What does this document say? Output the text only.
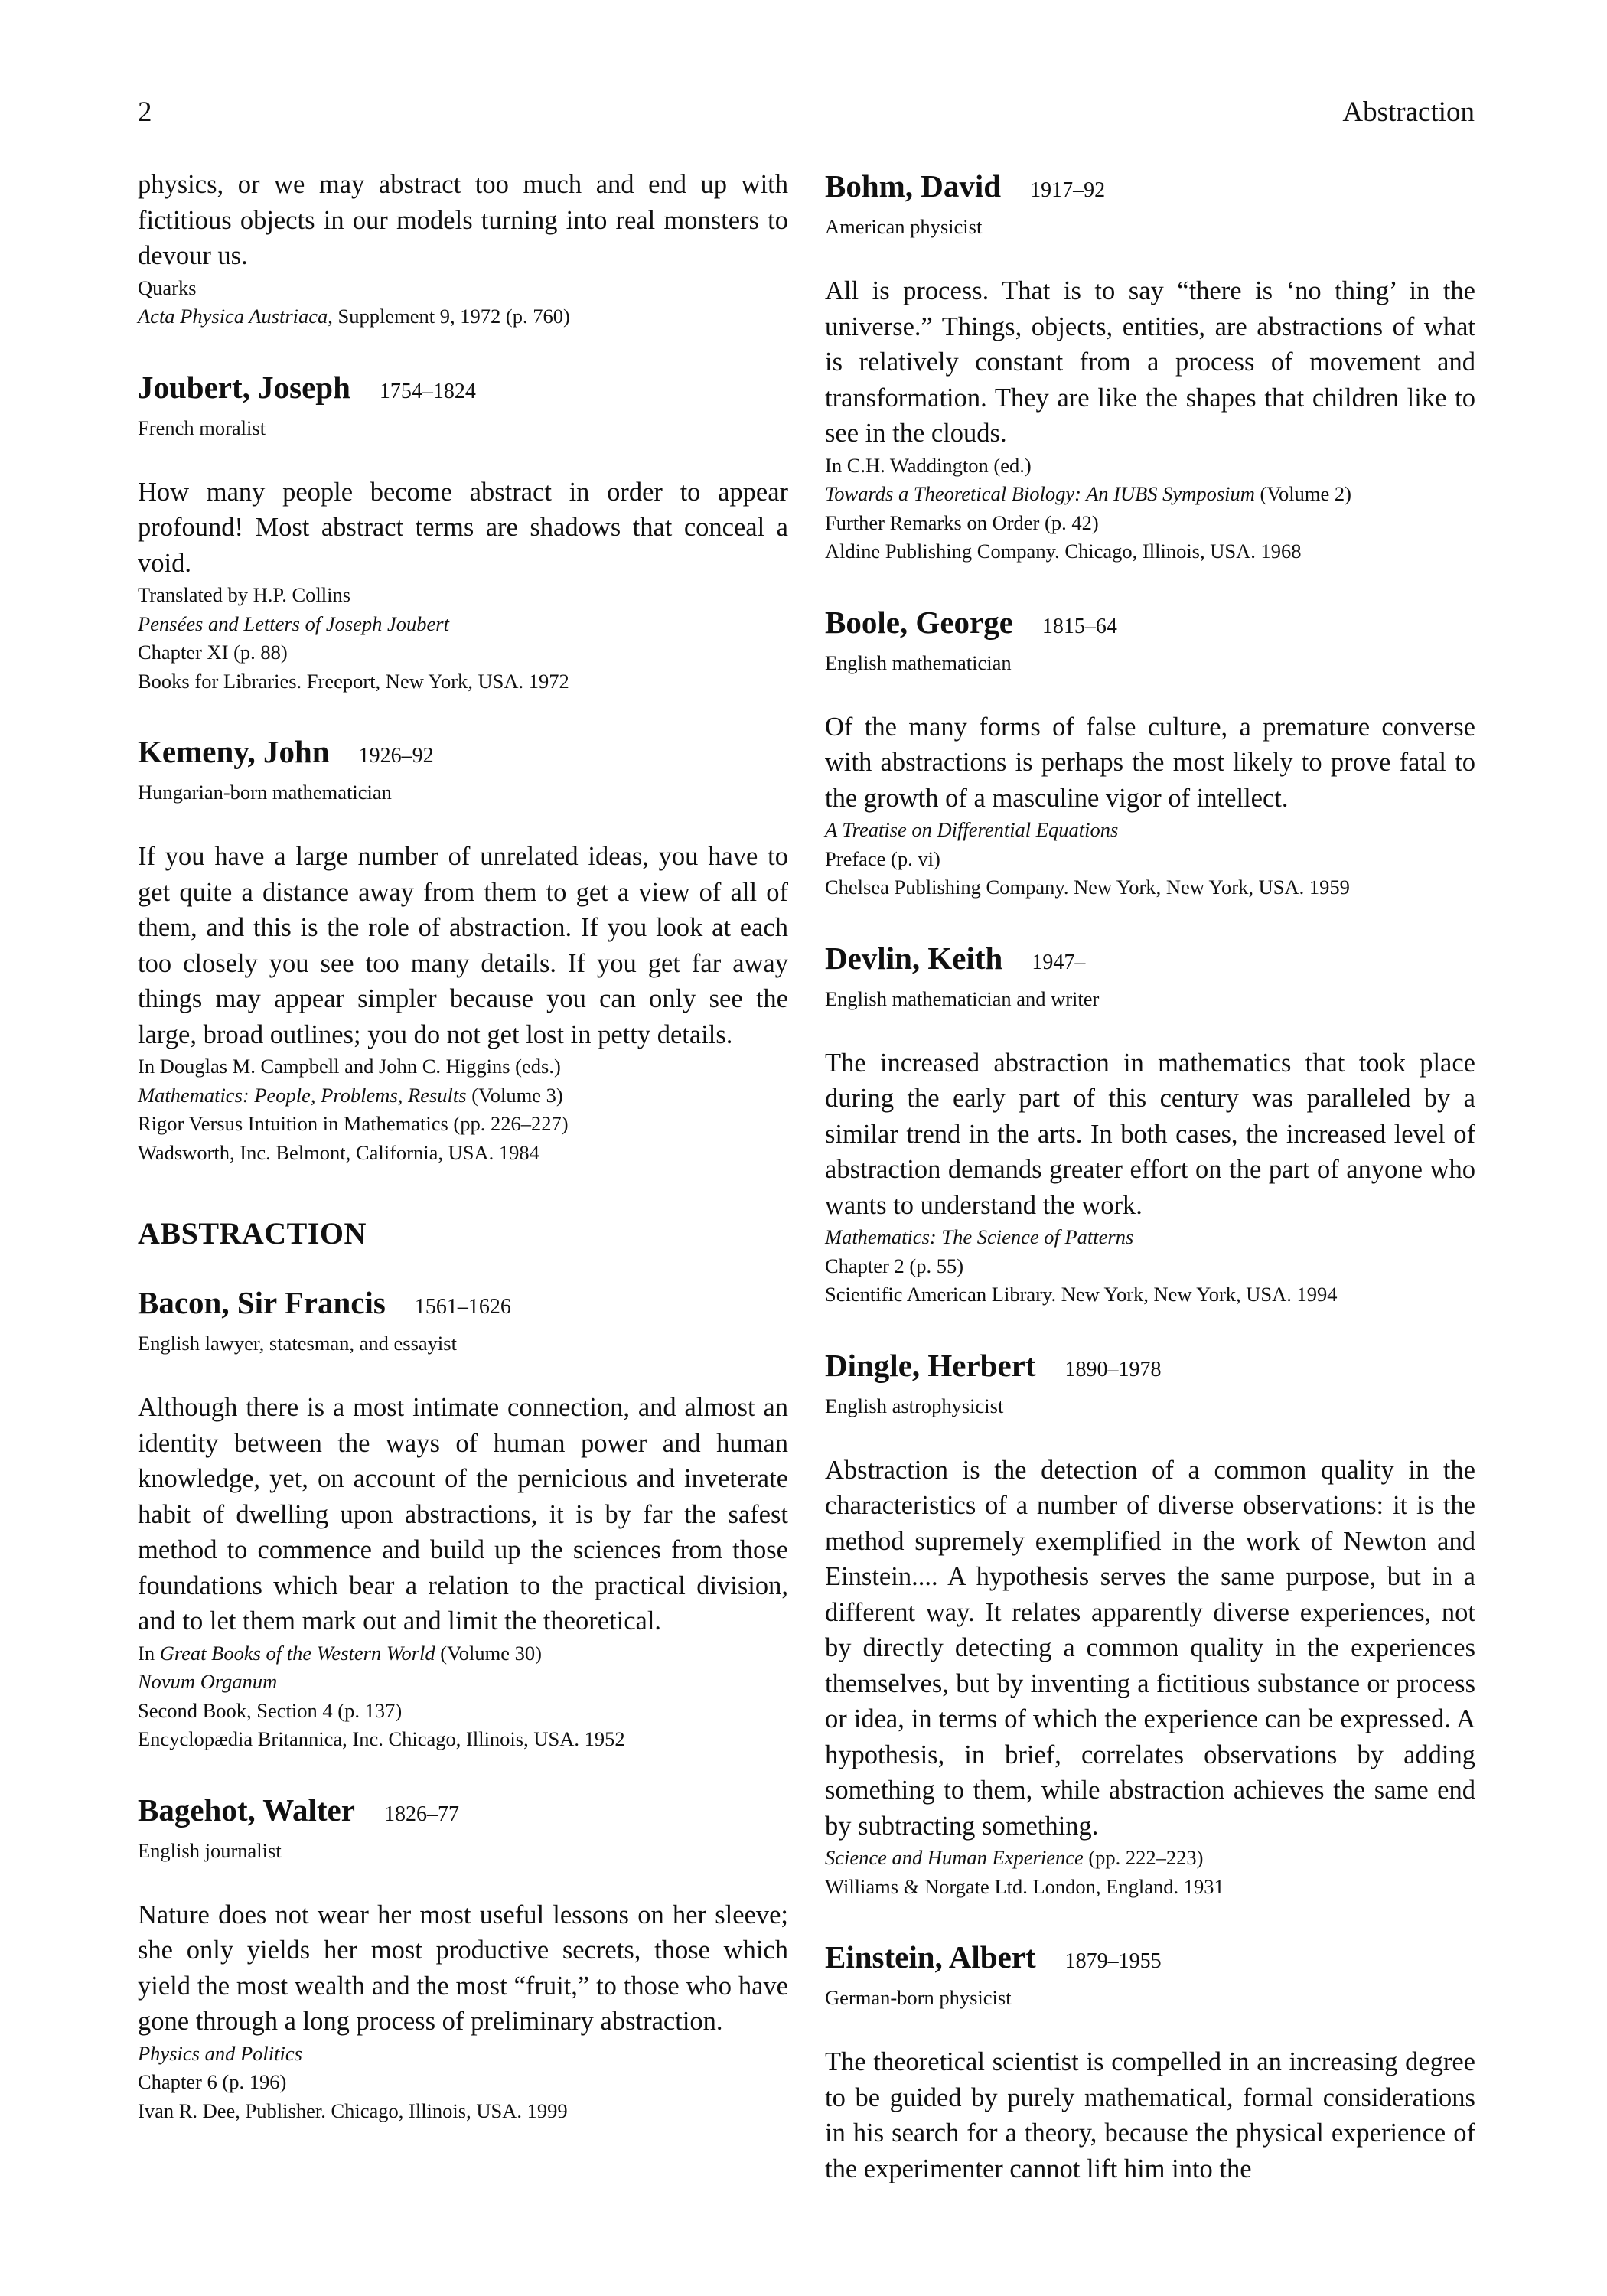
2	Abstraction

physics, or we may abstract too much and end up with fictitious objects in our models turning into real monsters to devour us.

Quarks

Acta Physica Austriaca, Supplement 9, 1972 (p. 760)

Joubert, Joseph 1754–1824

French moralist

How many people become abstract in order to appear profound! Most abstract terms are shadows that conceal a void.

Translated by H.P. Collins

Pensées and Letters of Joseph Joubert

Chapter XI (p. 88)

Books for Libraries. Freeport, New York, USA. 1972

Kemeny, John 1926–92

Hungarian-born mathematician

If you have a large number of unrelated ideas, you have to get quite a distance away from them to get a view of all of them, and this is the role of abstraction. If you look at each too closely you see too many details. If you get far away things may appear simpler because you can only see the large, broad outlines; you do not get lost in petty details.

In Douglas M. Campbell and John C. Higgins (eds.)

Mathematics: People, Problems, Results (Volume 3)

Rigor Versus Intuition in Mathematics (pp. 226–227)

Wadsworth, Inc. Belmont, California, USA. 1984

ABSTRACTION

Bacon, Sir Francis 1561–1626

English lawyer, statesman, and essayist

Although there is a most intimate connection, and almost an identity between the ways of human power and human knowledge, yet, on account of the pernicious and inveterate habit of dwelling upon abstractions, it is by far the safest method to commence and build up the sciences from those foundations which bear a relation to the practical division, and to let them mark out and limit the theoretical.

In Great Books of the Western World (Volume 30)

Novum Organum

Second Book, Section 4 (p. 137)

Encyclopædia Britannica, Inc. Chicago, Illinois, USA. 1952

Bagehot, Walter 1826–77

English journalist

Nature does not wear her most useful lessons on her sleeve; she only yields her most productive secrets, those which yield the most wealth and the most “fruit,” to those who have gone through a long process of preliminary abstraction.

Physics and Politics

Chapter 6 (p. 196)

Ivan R. Dee, Publisher. Chicago, Illinois, USA. 1999

Bohm, David 1917–92

American physicist

All is process. That is to say “there is ‘no thing’ in the universe.” Things, objects, entities, are abstractions of what is relatively constant from a process of movement and transformation. They are like the shapes that children like to see in the clouds.

In C.H. Waddington (ed.)

Towards a Theoretical Biology: An IUBS Symposium (Volume 2)

Further Remarks on Order (p. 42)

Aldine Publishing Company. Chicago, Illinois, USA. 1968

Boole, George 1815–64

English mathematician

Of the many forms of false culture, a premature converse with abstractions is perhaps the most likely to prove fatal to the growth of a masculine vigor of intellect.

A Treatise on Differential Equations

Preface (p. vi)

Chelsea Publishing Company. New York, New York, USA. 1959

Devlin, Keith 1947–

English mathematician and writer

The increased abstraction in mathematics that took place during the early part of this century was paralleled by a similar trend in the arts. In both cases, the increased level of abstraction demands greater effort on the part of anyone who wants to understand the work.

Mathematics: The Science of Patterns

Chapter 2 (p. 55)

Scientific American Library. New York, New York, USA. 1994

Dingle, Herbert 1890–1978

English astrophysicist

Abstraction is the detection of a common quality in the characteristics of a number of diverse observations: it is the method supremely exemplified in the work of Newton and Einstein.... A hypothesis serves the same purpose, but in a different way. It relates apparently diverse experiences, not by directly detecting a common quality in the experiences themselves, but by inventing a fictitious substance or process or idea, in terms of which the experience can be expressed. A hypothesis, in brief, correlates observations by adding something to them, while abstraction achieves the same end by subtracting something.

Science and Human Experience (pp. 222–223)

Williams & Norgate Ltd. London, England. 1931

Einstein, Albert 1879–1955

German-born physicist

The theoretical scientist is compelled in an increasing degree to be guided by purely mathematical, formal considerations in his search for a theory, because the physical experience of the experimenter cannot lift him into the
